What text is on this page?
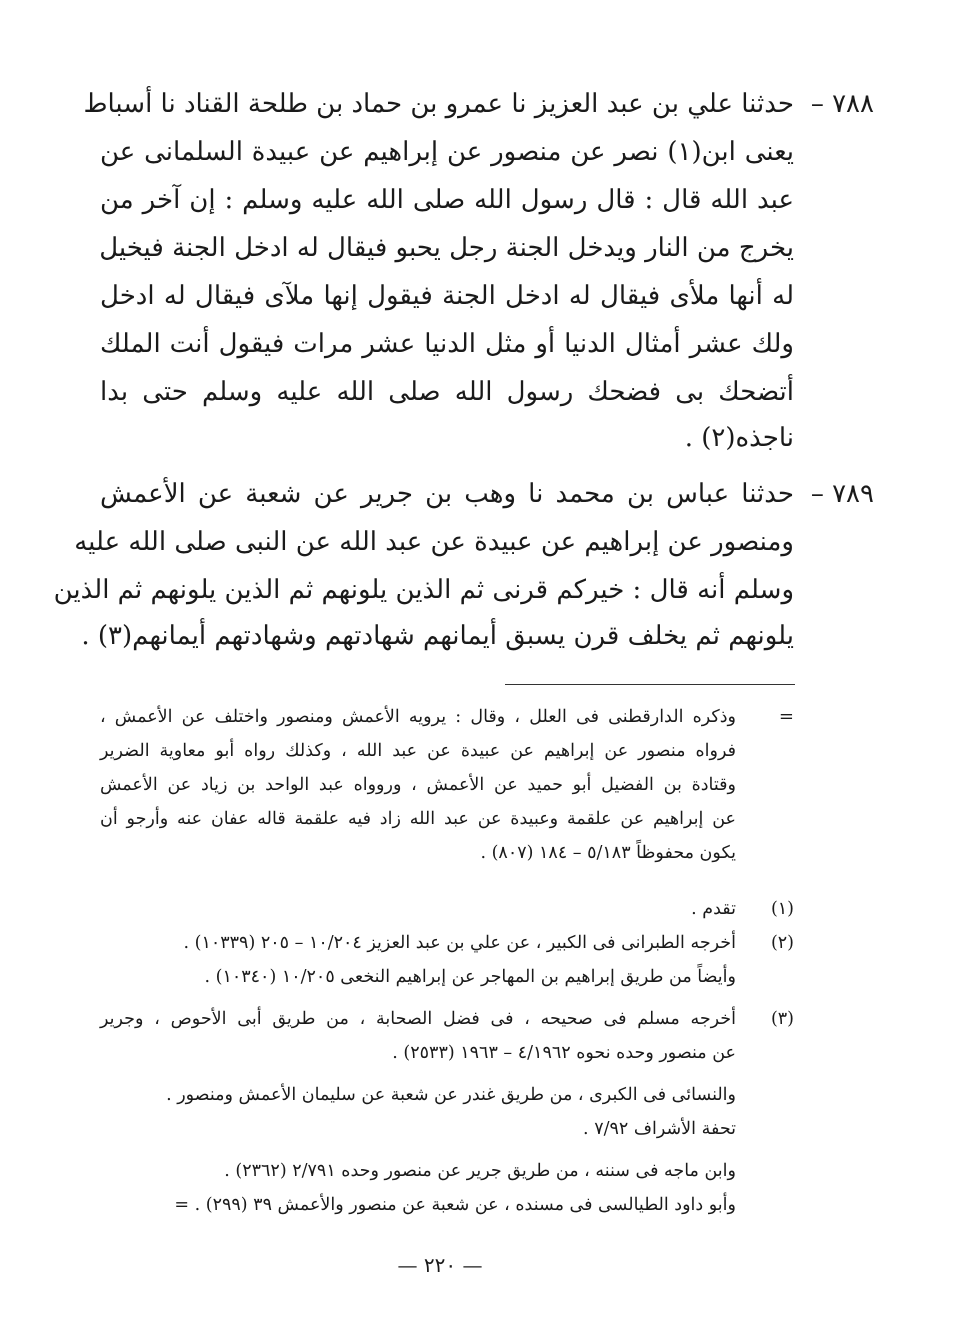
٧٨٨ –
حدثنا علي بن عبد العزيز نا عمرو بن حماد بن طلحة القناد نا أسباط
يعنى ابن(١) نصر عن منصور عن إبراهيم عن عبيدة السلمانى عن
عبد الله قال : قال رسول الله صلى الله عليه وسلم : إن آخر من
يخرج من النار ويدخل الجنة رجل يحبو فيقال له ادخل الجنة فيخيل
له أنها ملأى فيقال له ادخل الجنة فيقول إنها ملآى فيقال له ادخل
ولك عشر أمثال الدنيا أو مثل الدنيا عشر مرات فيقول أنت الملك
أتضحك بى فضحك رسول الله صلى الله عليه وسلم حتى بدا
ناجذه(٢) .
٧٨٩ –
حدثنا عباس بن محمد نا وهب بن جرير عن شعبة عن الأعمش
ومنصور عن إبراهيم عن عبيدة عن عبد الله عن النبى صلى الله عليه
وسلم أنه قال : خيركم قرنى ثم الذين يلونهم ثم الذين يلونهم ثم الذين
يلونهم ثم يخلف قرن يسبق أيمانهم شهادتهم وشهادتهم أيمانهم(٣) .
=
وذكره الدارقطنى فى العلل ، وقال : يرويه الأعمش ومنصور واختلف عن الأعمش ،
فرواه منصور عن إبراهيم عن عبيدة عن عبد الله ، وكذلك رواه أبو معاوية الضرير
وقتادة بن الفضيل أبو حميد عن الأعمش ، وروواه عبد الواحد بن زياد عن الأعمش
عن إبراهيم عن علقمة وعبيدة عن عبد الله زاد فيه علقمة قاله عفان عنه وأرجو أن
يكون محفوظاً ٥/١٨٣ – ١٨٤ (٨٠٧) .
(١)
تقدم .
(٢)
أخرجه الطبرانى فى الكبير ، عن علي بن عبد العزيز ١٠/٢٠٤ – ٢٠٥ (١٠٣٣٩) .
وأيضاً من طريق إبراهيم بن المهاجر عن إبراهيم النخعى ١٠/٢٠٥ (١٠٣٤٠) .
(٣)
أخرجه مسلم فى صحيحه ، فى فضل الصحابة ، من طريق أبى الأحوص ، وجرير
عن منصور وحده نحوه ٤/١٩٦٢ – ١٩٦٣ (٢٥٣٣) .
والنسائى فى الكبرى ، من طريق غندر عن شعبة عن سليمان الأعمش ومنصور .
تحفة الأشراف ٧/٩٢ .
وابن ماجه فى سننه ، من طريق جرير عن منصور وحده ٢/٧٩١ (٢٣٦٢) .
وأبو داود الطيالسى فى مسنده ، عن شعبة عن منصور والأعمش ٣٩ (٢٩٩) . =
— ٢٢٠ —
